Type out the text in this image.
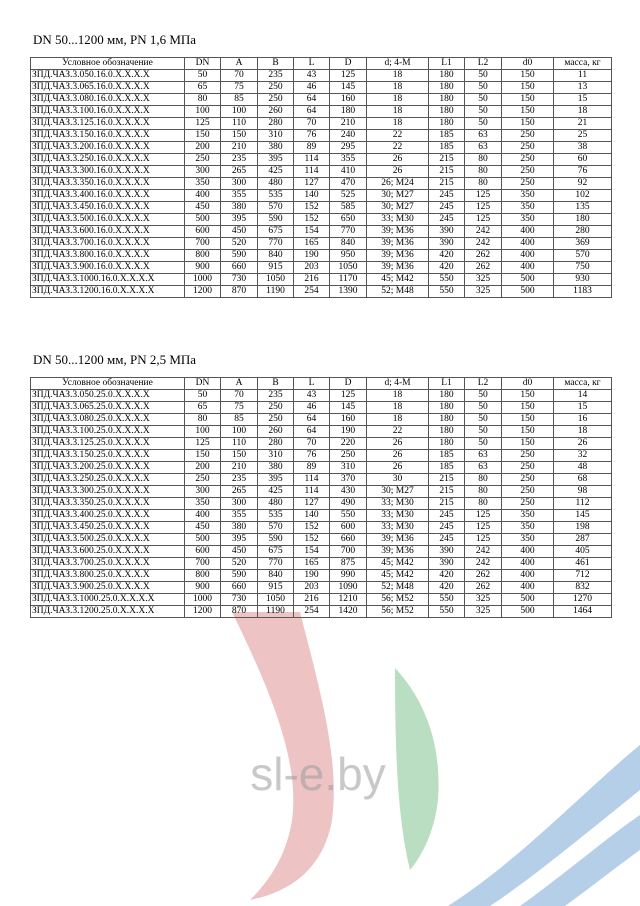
sl-e.by
DN 50...1200 мм, PN 1,6 МПа
Условное обозначение	DN	A	B	L	D	d; 4-M	L1	L2	d0	масса, кг
ЗПД.ЧАЗ.3.050.16.0.X.X.X.X	50	70	235	43	125	18	180	50	150	11
ЗПД.ЧАЗ.3.065.16.0.X.X.X.X	65	75	250	46	145	18	180	50	150	13
ЗПД.ЧАЗ.3.080.16.0.X.X.X.X	80	85	250	64	160	18	180	50	150	15
ЗПД.ЧАЗ.3.100.16.0.X.X.X.X	100	100	260	64	180	18	180	50	150	18
ЗПД.ЧАЗ.3.125.16.0.X.X.X.X	125	110	280	70	210	18	180	50	150	21
ЗПД.ЧАЗ.3.150.16.0.X.X.X.X	150	150	310	76	240	22	185	63	250	25
ЗПД.ЧАЗ.3.200.16.0.X.X.X.X	200	210	380	89	295	22	185	63	250	38
ЗПД.ЧАЗ.3.250.16.0.X.X.X.X	250	235	395	114	355	26	215	80	250	60
ЗПД.ЧАЗ.3.300.16.0.X.X.X.X	300	265	425	114	410	26	215	80	250	76
ЗПД.ЧАЗ.3.350.16.0.X.X.X.X	350	300	480	127	470	26; M24	215	80	250	92
ЗПД.ЧАЗ.3.400.16.0.X.X.X.X	400	355	535	140	525	30; M27	245	125	350	102
ЗПД.ЧАЗ.3.450.16.0.X.X.X.X	450	380	570	152	585	30; M27	245	125	350	135
ЗПД.ЧАЗ.3.500.16.0.X.X.X.X	500	395	590	152	650	33; M30	245	125	350	180
ЗПД.ЧАЗ.3.600.16.0.X.X.X.X	600	450	675	154	770	39; M36	390	242	400	280
ЗПД.ЧАЗ.3.700.16.0.X.X.X.X	700	520	770	165	840	39; M36	390	242	400	369
ЗПД.ЧАЗ.3.800.16.0.X.X.X.X	800	590	840	190	950	39; M36	420	262	400	570
ЗПД.ЧАЗ.3.900.16.0.X.X.X.X	900	660	915	203	1050	39; M36	420	262	400	750
ЗПД.ЧАЗ.3.1000.16.0.X.X.X.X	1000	730	1050	216	1170	45; M42	550	325	500	930
ЗПД.ЧАЗ.3.1200.16.0.X.X.X.X	1200	870	1190	254	1390	52; M48	550	325	500	1183
DN 50...1200 мм, PN 2,5 МПа
Условное обозначение	DN	A	B	L	D	d; 4-M	L1	L2	d0	масса, кг
ЗПД.ЧАЗ.3.050.25.0.X.X.X.X	50	70	235	43	125	18	180	50	150	14
ЗПД.ЧАЗ.3.065.25.0.X.X.X.X	65	75	250	46	145	18	180	50	150	15
ЗПД.ЧАЗ.3.080.25.0.X.X.X.X	80	85	250	64	160	18	180	50	150	16
ЗПД.ЧАЗ.3.100.25.0.X.X.X.X	100	100	260	64	190	22	180	50	150	18
ЗПД.ЧАЗ.3.125.25.0.X.X.X.X	125	110	280	70	220	26	180	50	150	26
ЗПД.ЧАЗ.3.150.25.0.X.X.X.X	150	150	310	76	250	26	185	63	250	32
ЗПД.ЧАЗ.3.200.25.0.X.X.X.X	200	210	380	89	310	26	185	63	250	48
ЗПД.ЧАЗ.3.250.25.0.X.X.X.X	250	235	395	114	370	30	215	80	250	68
ЗПД.ЧАЗ.3.300.25.0.X.X.X.X	300	265	425	114	430	30; M27	215	80	250	98
ЗПД.ЧАЗ.3.350.25.0.X.X.X.X	350	300	480	127	490	33; M30	215	80	250	112
ЗПД.ЧАЗ.3.400.25.0.X.X.X.X	400	355	535	140	550	33; M30	245	125	350	145
ЗПД.ЧАЗ.3.450.25.0.X.X.X.X	450	380	570	152	600	33; M30	245	125	350	198
ЗПД.ЧАЗ.3.500.25.0.X.X.X.X	500	395	590	152	660	39; M36	245	125	350	287
ЗПД.ЧАЗ.3.600.25.0.X.X.X.X	600	450	675	154	700	39; M36	390	242	400	405
ЗПД.ЧАЗ.3.700.25.0.X.X.X.X	700	520	770	165	875	45; M42	390	242	400	461
ЗПД.ЧАЗ.3.800.25.0.X.X.X.X	800	590	840	190	990	45; M42	420	262	400	712
ЗПД.ЧАЗ.3.900.25.0.X.X.X.X	900	660	915	203	1090	52; M48	420	262	400	832
ЗПД.ЧАЗ.3.1000.25.0.X.X.X.X	1000	730	1050	216	1210	56; M52	550	325	500	1270
ЗПД.ЧАЗ.3.1200.25.0.X.X.X.X	1200	870	1190	254	1420	56; M52	550	325	500	1464
